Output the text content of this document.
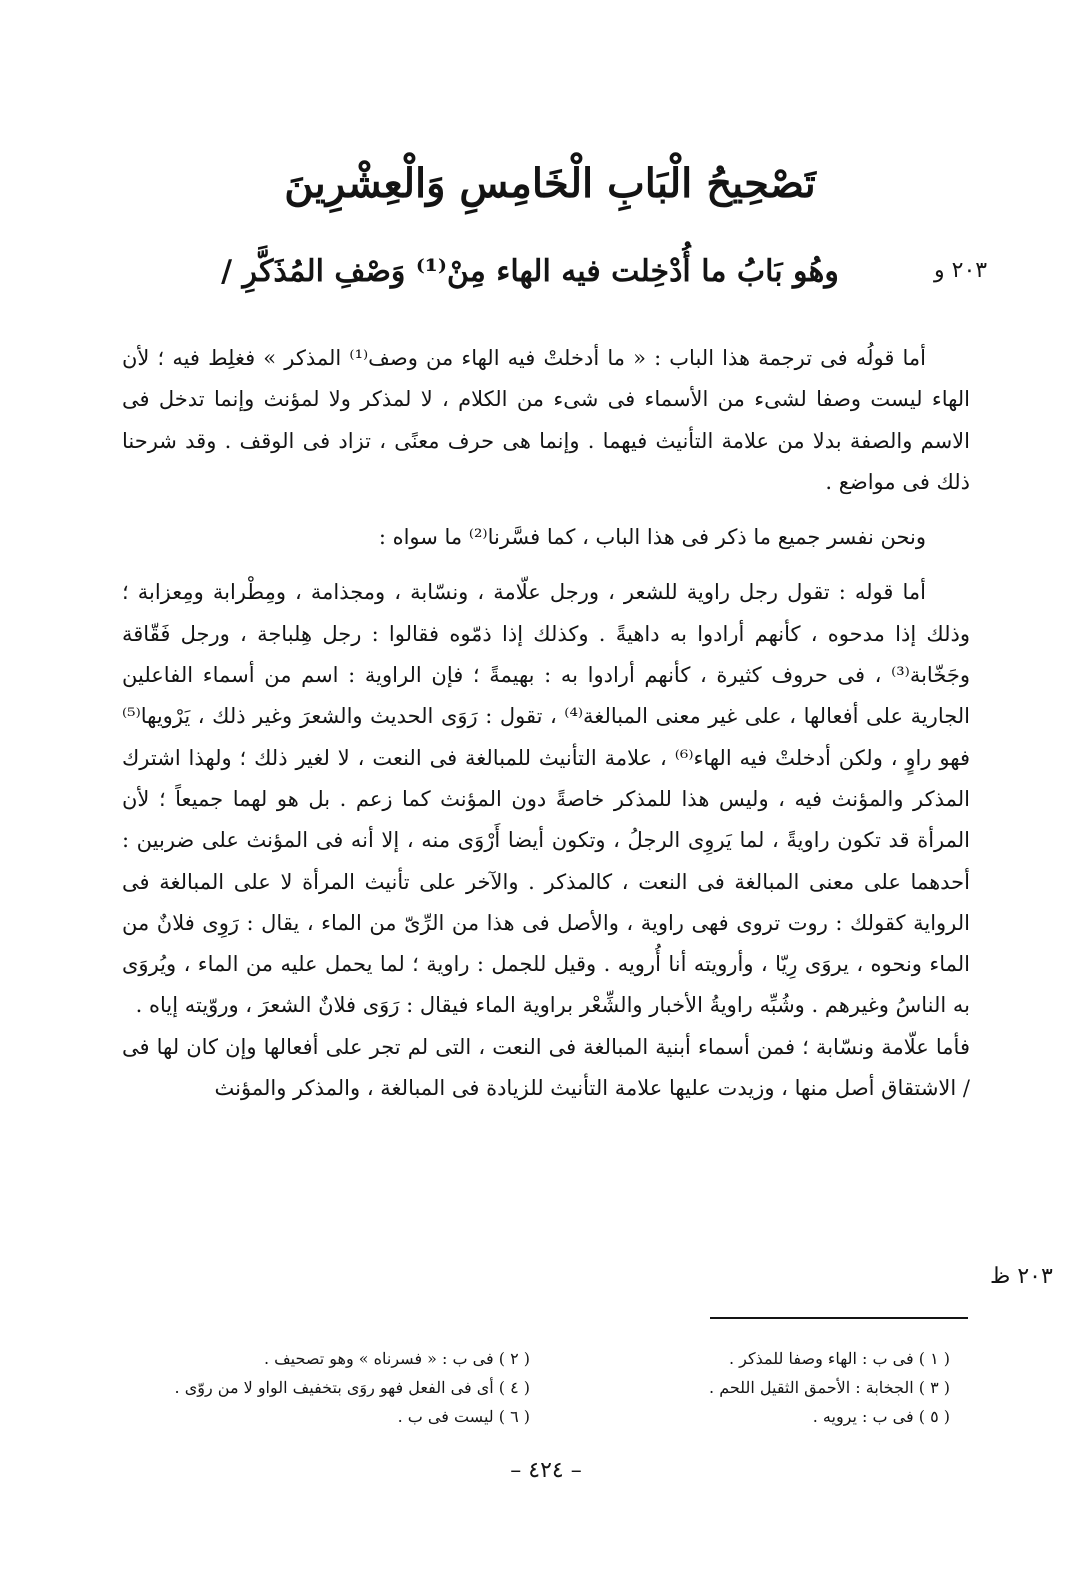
تَصْحِيحُ الْبَابِ الْخَامِسِ وَالْعِشْرِينَ
٢٠٣ و
وهُو بَابُ ما أُدْخِلت فيه الهاء مِنْ⁽¹⁾ وَصْفِ المُذَكَّرِ /

أما قولُه فى ترجمة هذا الباب : « ما أدخلتْ فيه الهاء من وصف⁽¹⁾ المذكر » فغلِط فيه ؛ لأن الهاء ليست وصفا لشىء من الأسماء فى شىء من الكلام ، لا لمذكر ولا لمؤنث وإنما تدخل فى الاسم والصفة بدلا من علامة التأنيث فيهما . وإنما هى حرف معنًى ، تزاد فى الوقف . وقد شرحنا ذلك فى مواضع .

ونحن نفسر جميع ما ذكر فى هذا الباب ، كما فسَّرنا⁽²⁾ ما سواه :

أما قوله : تقول رجل راوية للشعر ، ورجل علّامة ، ونسّابة ، ومجذامة ، ومِطْرابة ومِعزابة ؛ وذلك إذا مدحوه ، كأنهم أرادوا به داهيةً . وكذلك إذا ذمّوه فقالوا : رجل هِلباجة ، ورجل فَقّاقة وجَخّابة⁽³⁾ ، فى حروف كثيرة ، كأنهم أرادوا به : بهيمةً ؛ فإن الراوية : اسم من أسماء الفاعلين الجارية على أفعالها ، على غير معنى المبالغة⁽⁴⁾ ، تقول : رَوَى الحديث والشعرَ وغير ذلك ، يَرْويها⁽⁵⁾ فهو راوٍ ، ولكن أدخلتْ فيه الهاء⁽⁶⁾ ، علامة التأنيث للمبالغة فى النعت ، لا لغير ذلك ؛ ولهذا اشترك المذكر والمؤنث فيه ، وليس هذا للمذكر خاصةً دون المؤنث كما زعم . بل هو لهما جميعاً ؛ لأن المرأة قد تكون راويةً ، لما يَروِى الرجلُ ، وتكون أيضا أَرْوَى منه ، إلا أنه فى المؤنث على ضربين : أحدهما على معنى المبالغة فى النعت ، كالمذكر . والآخر على تأنيث المرأة لا على المبالغة فى الرواية كقولك : روت تروى فهى راوية ، والأصل فى هذا من الرِّىّ من الماء ، يقال : رَوِى فلانٌ من الماء ونحوه ، يروَى رِيّا ، وأرويته أنا أُرويه . وقيل للجمل : راوية ؛ لما يحمل عليه من الماء ، ويُروَى به الناسُ وغيرهم . وشُبِّه راويةُ الأخبار والشِّعْر براوية الماء فيقال : رَوَى فلانٌ الشعرَ ، وروّيته إياه .

فأما علّامة ونسّابة ؛ فمن أسماء أبنية المبالغة فى النعت ، التى لم تجر على أفعالها وإن كان لها فى / الاشتقاق أصل منها ، وزيدت عليها علامة التأنيث للزيادة فى المبالغة ، والمذكر والمؤنث

٢٠٣ ظ
( ١ ) فى ب : الهاء وصفا للمذكر .
( ٢ ) فى ب : « فسرناه » وهو تصحيف .
( ٣ ) الجخابة : الأحمق الثقيل اللحم .
( ٤ ) أى فى الفعل فهو روَى بتخفيف الواو لا من روّى .
( ٥ ) فى ب : يرويه .
( ٦ ) ليست فى ب .
– ٤٢٤ –
